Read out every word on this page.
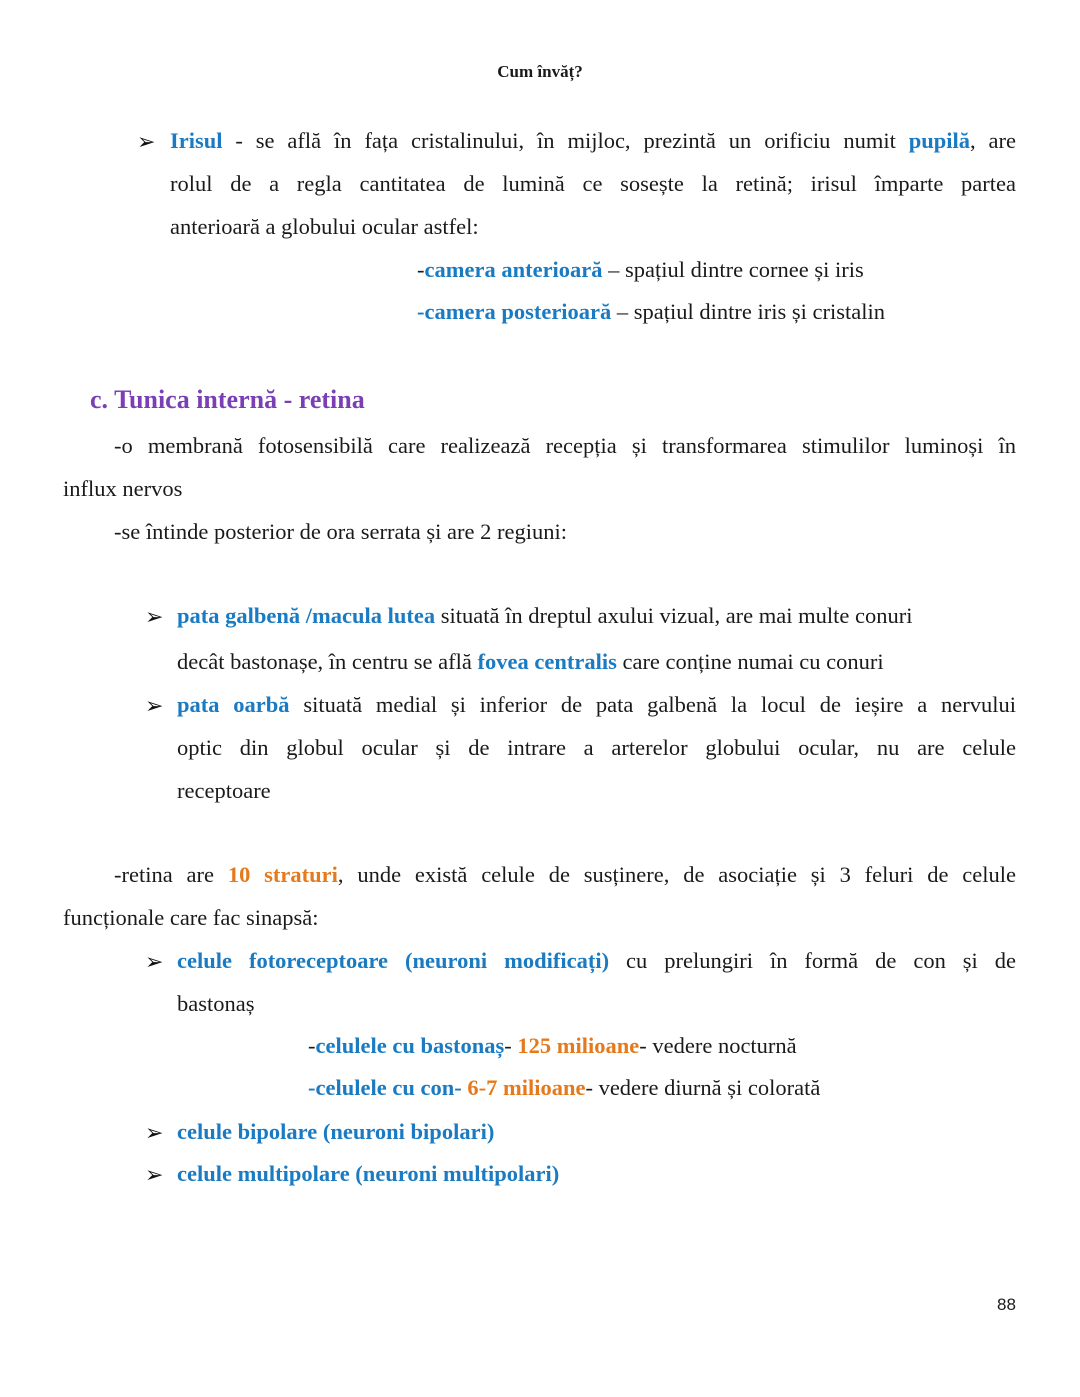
Cum învăț?
➢ Irisul - se află în fața cristalinului, în mijloc, prezintă un orificiu numit pupilă, are
rolul de a regla cantitatea de lumină ce sosește la retină; irisul împarte partea
anterioară a globului ocular astfel:
-camera anterioară – spațiul dintre cornee și iris
-camera posterioară – spațiul dintre iris și cristalin
c. Tunica internă - retina
-o membrană fotosensibilă care realizează recepția și transformarea stimulilor luminoși în
influx nervos
-se întinde posterior de ora serrata și are 2 regiuni:
➢ pata galbenă /macula lutea situată în dreptul axului vizual, are mai multe conuri
decât bastonașe, în centru se află fovea centralis care conține numai cu conuri
➢ pata oarbă situată medial și inferior de pata galbenă la locul de ieșire a nervului
optic din globul ocular și de intrare a arterelor globului ocular, nu are celule
receptoare
-retina are 10 straturi, unde există celule de susținere, de asociație și 3 feluri de celule
funcționale care fac sinapsă:
➢ celule fotoreceptoare (neuroni modificați) cu prelungiri în formă de con și de
bastonaș
-celulele cu bastonaș- 125 milioane- vedere nocturnă
-celulele cu con- 6-7 milioane- vedere diurnă și colorată
➢ celule bipolare (neuroni bipolari)
➢ celule multipolare (neuroni multipolari)
88
